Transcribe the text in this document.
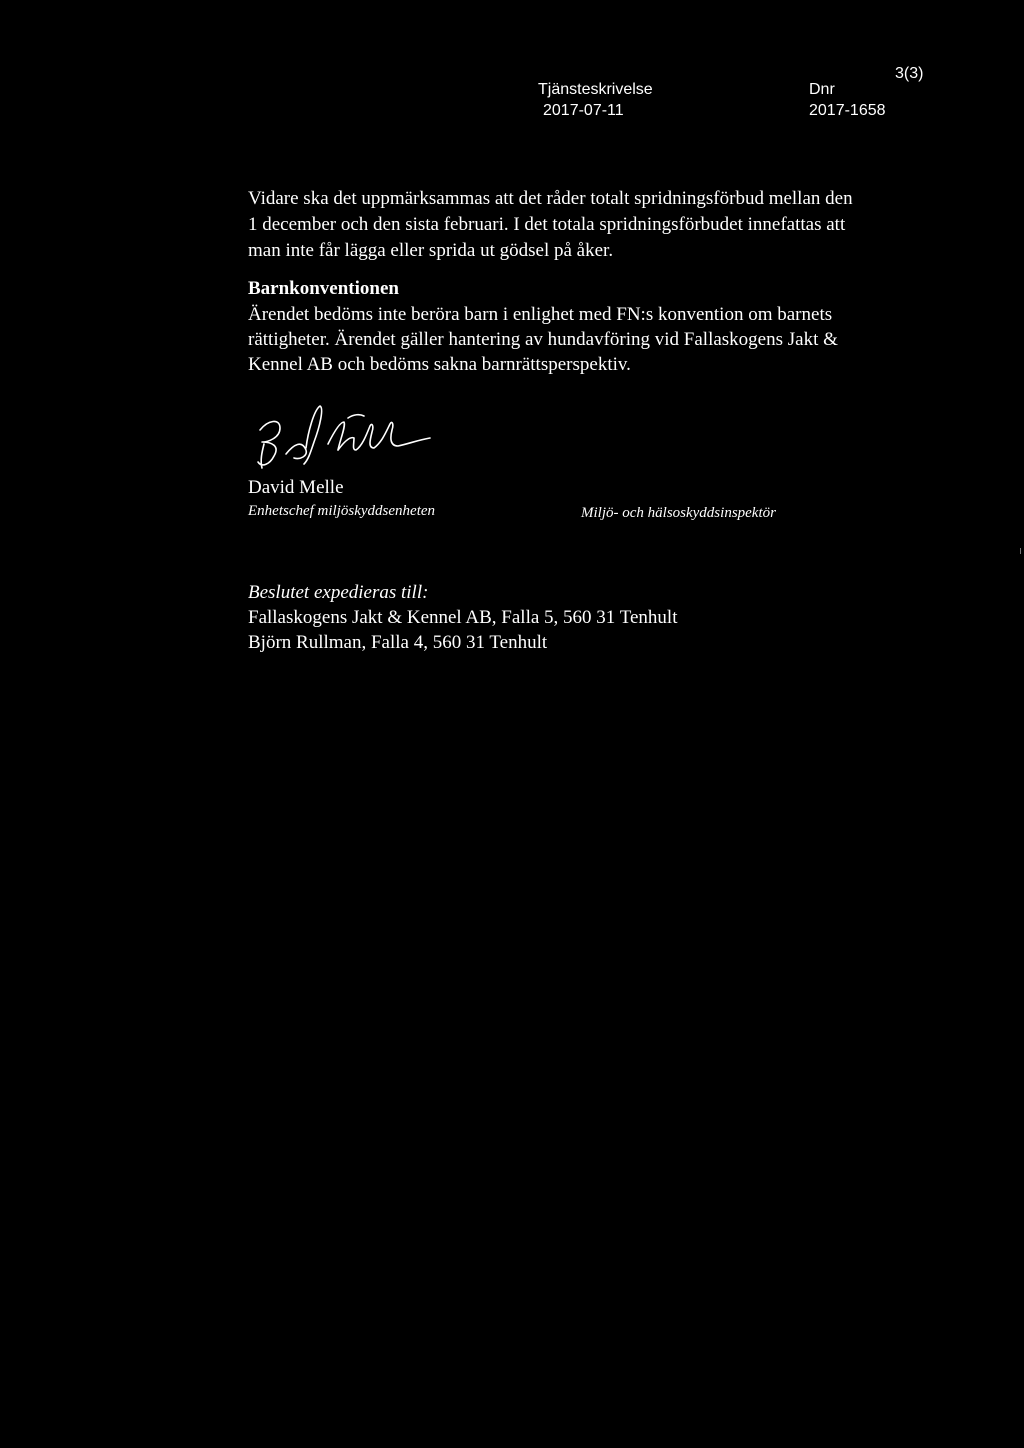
Tjänsteskrivelse
2017-07-11
Dnr
2017-1658
3(3)
Vidare ska det uppmärksammas att det råder totalt spridningsförbud mellan den
1 december och den sista februari. I det totala spridningsförbudet innefattas att
man inte får lägga eller sprida ut gödsel på åker.
Barnkonventionen
Ärendet bedöms inte beröra barn i enlighet med FN:s konvention om barnets
rättigheter. Ärendet gäller hantering av hundavföring vid Fallaskogens Jakt &
Kennel AB och bedöms sakna barnrättsperspektiv.
David Melle
Enhetschef miljöskyddsenheten	Miljö- och hälsoskyddsinspektör
Beslutet expedieras till:
Fallaskogens Jakt & Kennel AB, Falla 5, 560 31 Tenhult
Björn Rullman, Falla 4, 560 31 Tenhult
